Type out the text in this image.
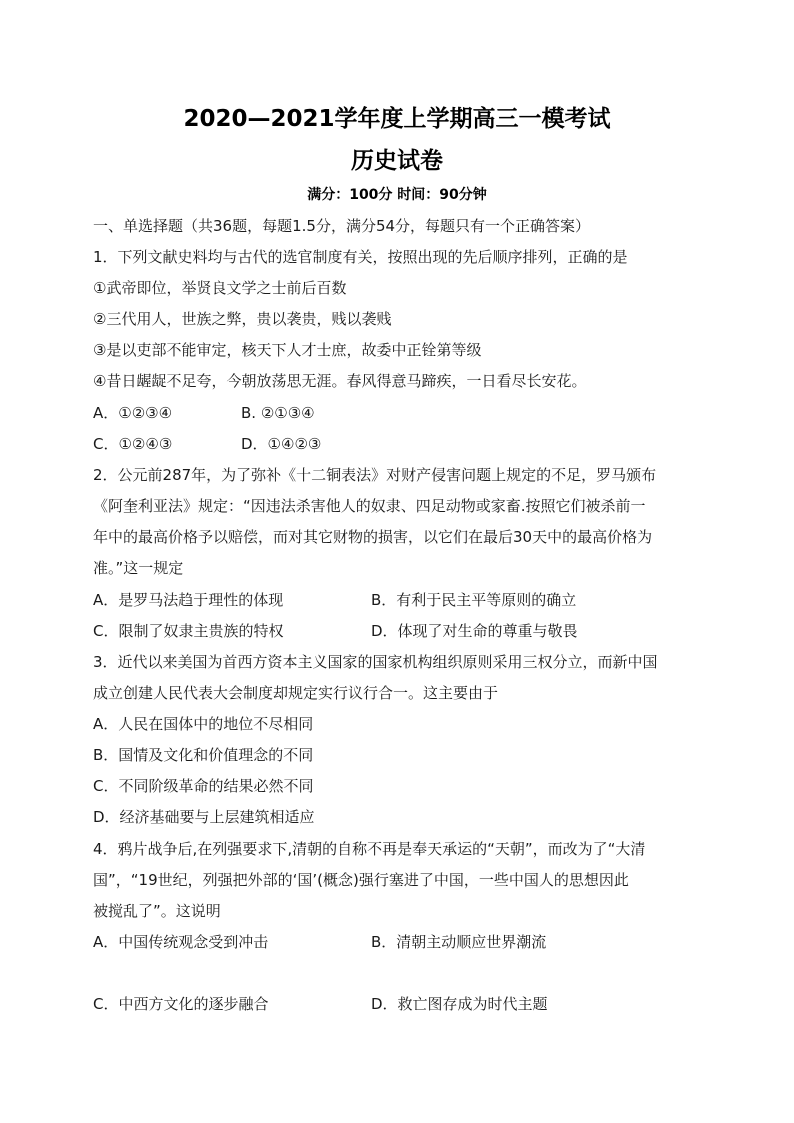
2020—2021学年度上学期高三一模考试
历史试卷
满分：100分 时间：90分钟
一、单选择题（共36题，每题1.5分，满分54分，每题只有一个正确答案）
1．下列文献史料均与古代的选官制度有关，按照出现的先后顺序排列，正确的是
①武帝即位，举贤良文学之士前后百数
②三代用人，世族之弊，贵以袭贵，贱以袭贱
③是以吏部不能审定，核天下人才士庶，故委中正铨第等级
④昔日龌龊不足夸，今朝放荡思无涯。春风得意马蹄疾，一日看尽长安花。
A．①②③④	B. ②①③④
C．①②④③	D．①④②③
2．公元前287年，为了弥补《十二铜表法》对财产侵害问题上规定的不足，罗马颁布
《阿奎利亚法》规定：“因违法杀害他人的奴隶、四足动物或家畜.按照它们被杀前一
年中的最高价格予以赔偿，而对其它财物的损害，以它们在最后30天中的最高价格为
准。”这一规定
A．是罗马法趋于理性的体现	B．有利于民主平等原则的确立
C．限制了奴隶主贵族的特权	D．体现了对生命的尊重与敬畏
3．近代以来美国为首西方资本主义国家的国家机构组织原则采用三权分立，而新中国
成立创建人民代表大会制度却规定实行议行合一。这主要由于
A．人民在国体中的地位不尽相同
B．国情及文化和价值理念的不同
C．不同阶级革命的结果必然不同
D．经济基础要与上层建筑相适应
4．鸦片战争后,在列强要求下,清朝的自称不再是奉天承运的“天朝”，而改为了“大清
国”，“19世纪，列强把外部的‘国’(概念)强行塞进了中国，一些中国人的思想因此
被搅乱了”。这说明
A．中国传统观念受到冲击	B．清朝主动顺应世界潮流
C．中西方文化的逐步融合	D．救亡图存成为时代主题
